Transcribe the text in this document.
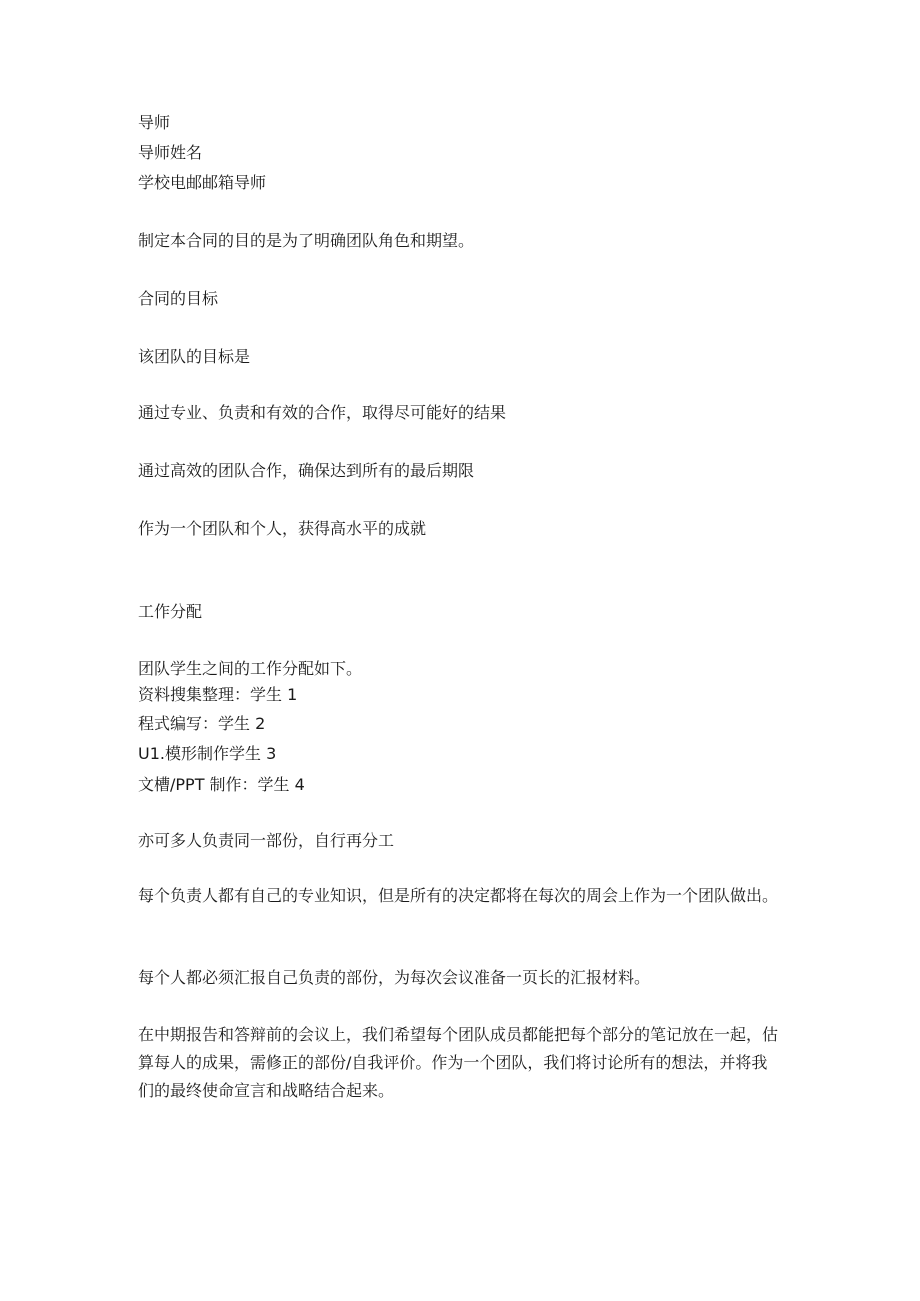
导师
导师姓名
学校电邮邮箱导师
制定本合同的目的是为了明确团队角色和期望。
合同的目标
该团队的目标是
通过专业、负责和有效的合作，取得尽可能好的结果
通过高效的团队合作，确保达到所有的最后期限
作为一个团队和个人，获得高水平的成就
工作分配
团队学生之间的工作分配如下。
资料搜集整理：学生 1
程式编写：学生 2
U1.模形制作学生 3
文槽/PPT 制作：学生 4
亦可多人负责同一部份，自行再分工

每个负责人都有自己的专业知识，但是所有的决定都将在每次的周会上作为一个团队做出。

每个人都必须汇报自己负责的部份，为每次会议准备一页长的汇报材料。

在中期报告和答辩前的会议上，我们希望每个团队成员都能把每个部分的笔记放在一起，估算每人的成果，需修正的部份/自我评价。作为一个团队，我们将讨论所有的想法，并将我们的最终使命宣言和战略结合起来。
